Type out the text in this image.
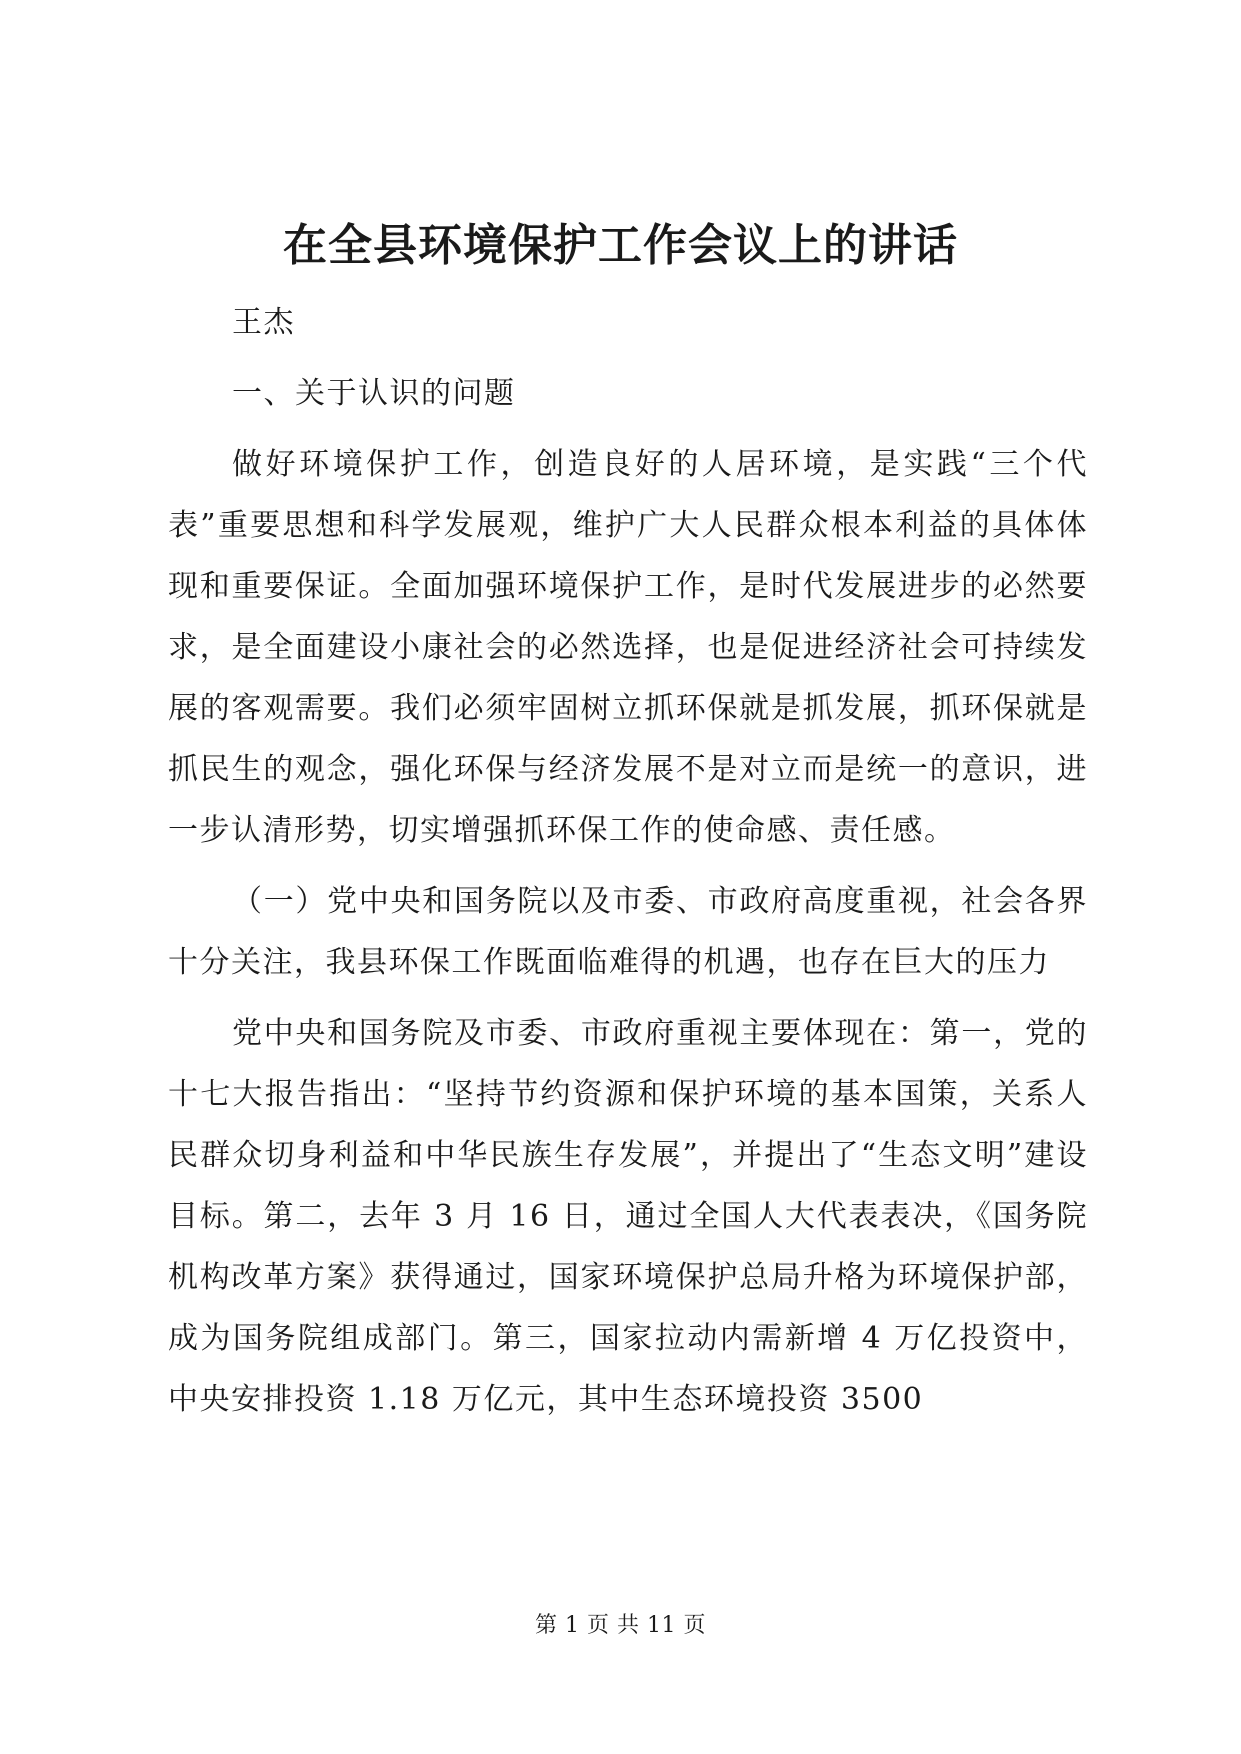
在全县环境保护工作会议上的讲话

王杰

一、关于认识的问题

做好环境保护工作，创造良好的人居环境，是实践“三个代表”重要思想和科学发展观，维护广大人民群众根本利益的具体体现和重要保证。全面加强环境保护工作，是时代发展进步的必然要求，是全面建设小康社会的必然选择，也是促进经济社会可持续发展的客观需要。我们必须牢固树立抓环保就是抓发展，抓环保就是抓民生的观念，强化环保与经济发展不是对立而是统一的意识，进一步认清形势，切实增强抓环保工作的使命感、责任感。

（一）党中央和国务院以及市委、市政府高度重视，社会各界十分关注，我县环保工作既面临难得的机遇，也存在巨大的压力

党中央和国务院及市委、市政府重视主要体现在：第一，党的十七大报告指出：“坚持节约资源和保护环境的基本国策，关系人民群众切身利益和中华民族生存发展”，并提出了“生态文明”建设目标。第二，去年 3 月 16 日，通过全国人大代表表决，《国务院机构改革方案》获得通过，国家环境保护总局升格为环境保护部，成为国务院组成部门。第三，国家拉动内需新增 4 万亿投资中，中央安排投资 1.18 万亿元，其中生态环境投资 3500

第 1 页 共 11 页
